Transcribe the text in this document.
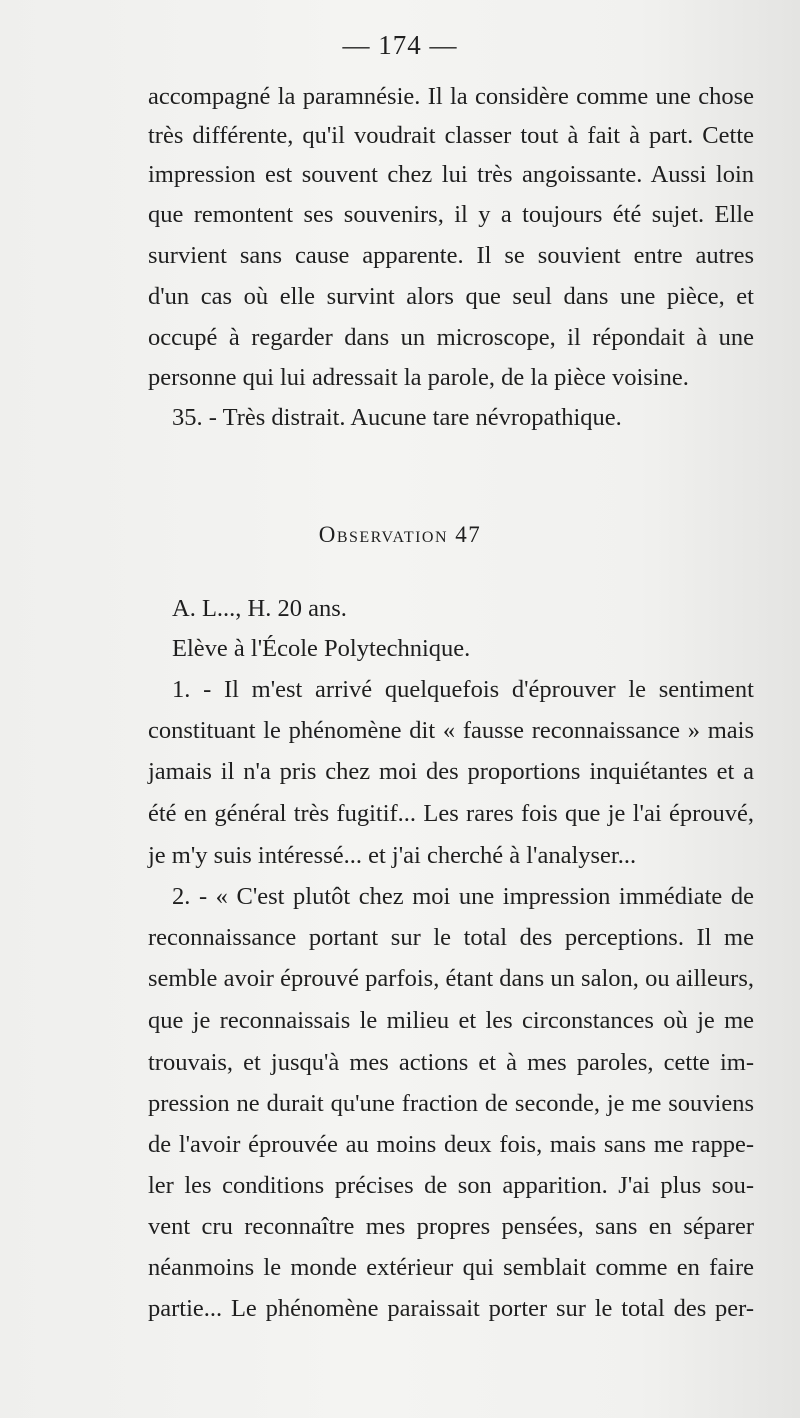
— 174 —
accompagné la paramnésie. Il la considère comme une chose
très différente, qu'il voudrait classer tout à fait à part. Cette
impression est souvent chez lui très angoissante. Aussi loin
que remontent ses souvenirs, il y a toujours été sujet. Elle
survient sans cause apparente. Il se souvient entre autres
d'un cas où elle survint alors que seul dans une pièce, et
occupé à regarder dans un microscope, il répondait à une
personne qui lui adressait la parole, de la pièce voisine.
35. - Très distrait. Aucune tare névropathique.
Observation 47
A. L..., H. 20 ans.
Elève à l'École Polytechnique.
1. - Il m'est arrivé quelquefois d'éprouver le sentiment
constituant le phénomène dit « fausse reconnaissance » mais
jamais il n'a pris chez moi des proportions inquiétantes et a
été en général très fugitif... Les rares fois que je l'ai éprouvé,
je m'y suis intéressé... et j'ai cherché à l'analyser...
2. - « C'est plutôt chez moi une impression immédiate de
reconnaissance portant sur le total des perceptions. Il me
semble avoir éprouvé parfois, étant dans un salon, ou ailleurs,
que je reconnaissais le milieu et les circonstances où je me
trouvais, et jusqu'à mes actions et à mes paroles, cette im-
pression ne durait qu'une fraction de seconde, je me souviens
de l'avoir éprouvée au moins deux fois, mais sans me rappe-
ler les conditions précises de son apparition. J'ai plus sou-
vent cru reconnaître mes propres pensées, sans en séparer
néanmoins le monde extérieur qui semblait comme en faire
partie... Le phénomène paraissait porter sur le total des per-
